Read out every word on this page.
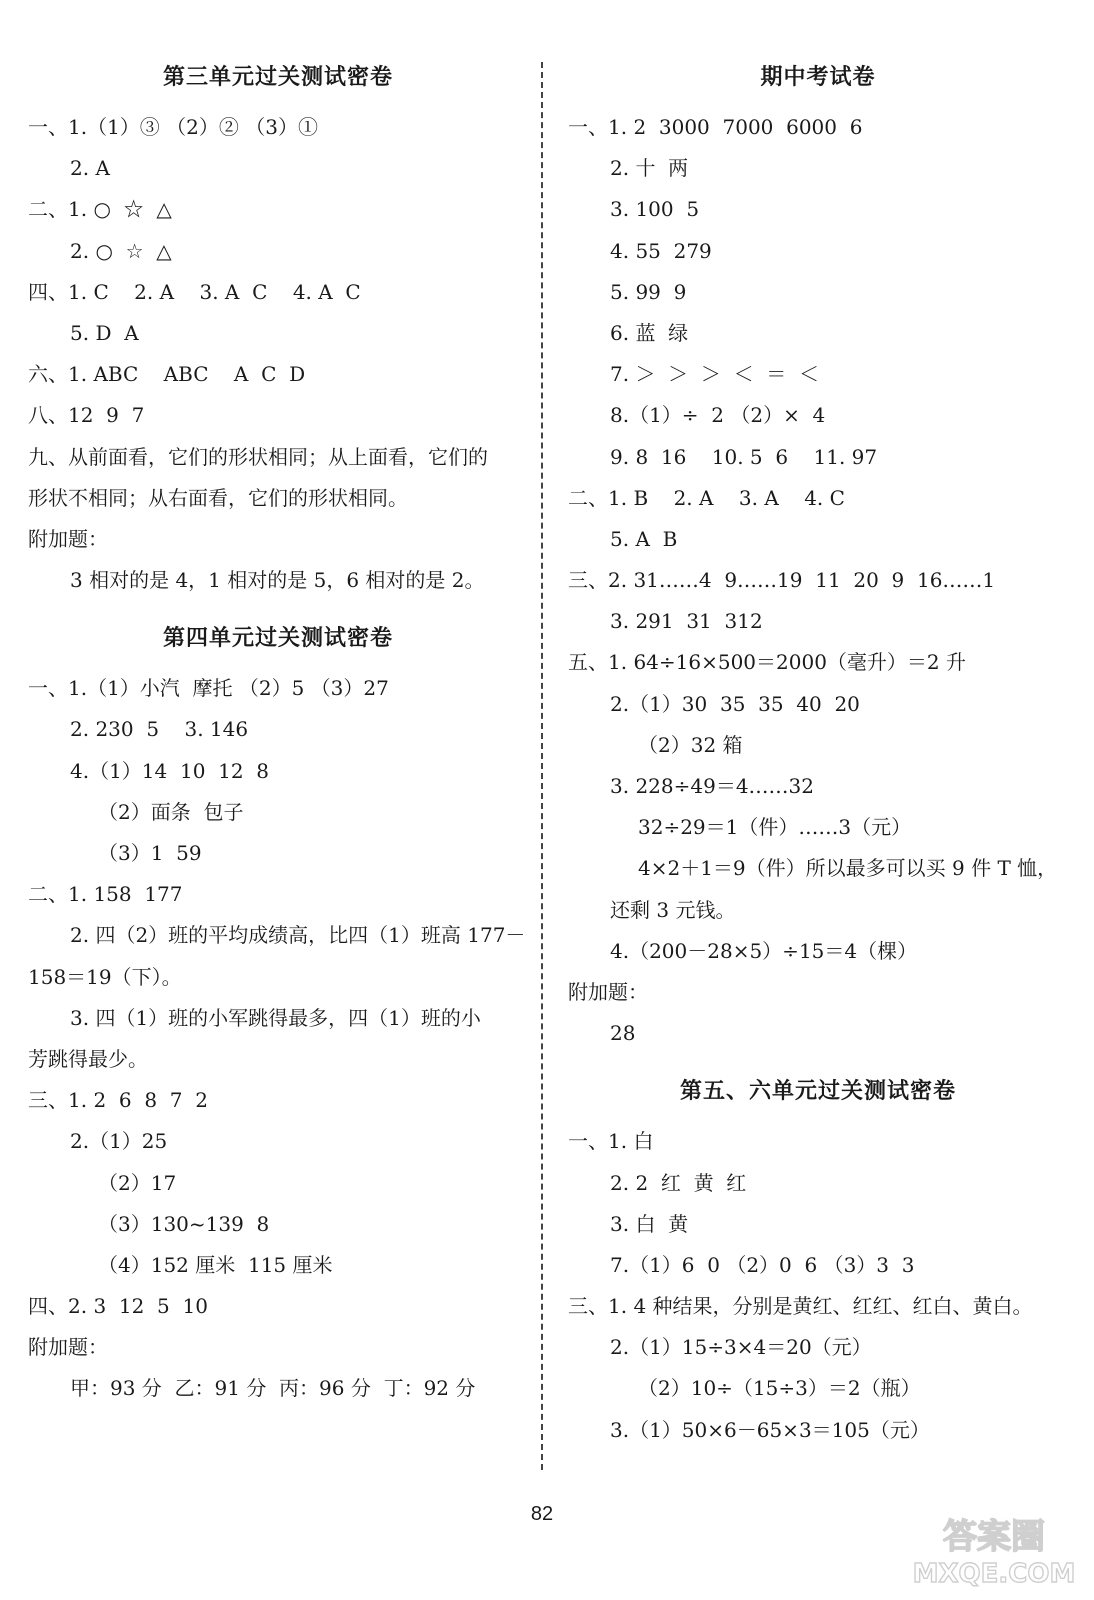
第三单元过关测试密卷
一、1.（1）③ （2）② （3）①
2. A
二、1. ○  ☆  △
2. ○  ☆  △
四、1. C    2. A    3. A  C    4. A  C
5. D  A
六、1. ABC    ABC    A  C  D
八、12  9  7
九、从前面看，它们的形状相同；从上面看，它们的
形状不相同；从右面看，它们的形状相同。
附加题：
3 相对的是 4，1 相对的是 5，6 相对的是 2。
第四单元过关测试密卷
一、1.（1）小汽  摩托 （2）5 （3）27
2. 230  5    3. 146
4.（1）14  10  12  8
（2）面条  包子
（3）1  59
二、1. 158  177
2. 四（2）班的平均成绩高，比四（1）班高 177－
158＝19（下）。
3. 四（1）班的小军跳得最多，四（1）班的小
芳跳得最少。
三、1. 2  6  8  7  2
2.（1）25
（2）17
（3）130~139  8
（4）152 厘米  115 厘米
四、2. 3  12  5  10
附加题：
甲：93 分  乙：91 分  丙：96 分  丁：92 分
期中考试卷
一、1. 2  3000  7000  6000  6
2. 十  两
3. 100  5
4. 55  279
5. 99  9
6. 蓝  绿
7. ＞  ＞  ＞  ＜  ＝  ＜
8.（1）÷  2 （2）×  4
9. 8  16    10. 5  6    11. 97
二、1. B    2. A    3. A    4. C
5. A  B
三、2. 31……4  9……19  11  20  9  16……1
3. 291  31  312
五、1. 64÷16×500＝2000（毫升）＝2 升
2.（1）30  35  35  40  20
（2）32 箱
3. 228÷49＝4……32
32÷29＝1（件）……3（元）
4×2＋1＝9（件）所以最多可以买 9 件 T 恤，
还剩 3 元钱。
4.（200－28×5）÷15＝4（棵）
附加题：
28
第五、六单元过关测试密卷
一、1. 白
2. 2  红  黄  红
3. 白  黄
7.（1）6  0 （2）0  6 （3）3  3
三、1. 4 种结果，分别是黄红、红红、红白、黄白。
2.（1）15÷3×4＝20（元）
（2）10÷（15÷3）＝2（瓶）
3.（1）50×6－65×3＝105（元）
82
答案圈
MXQE.COM
